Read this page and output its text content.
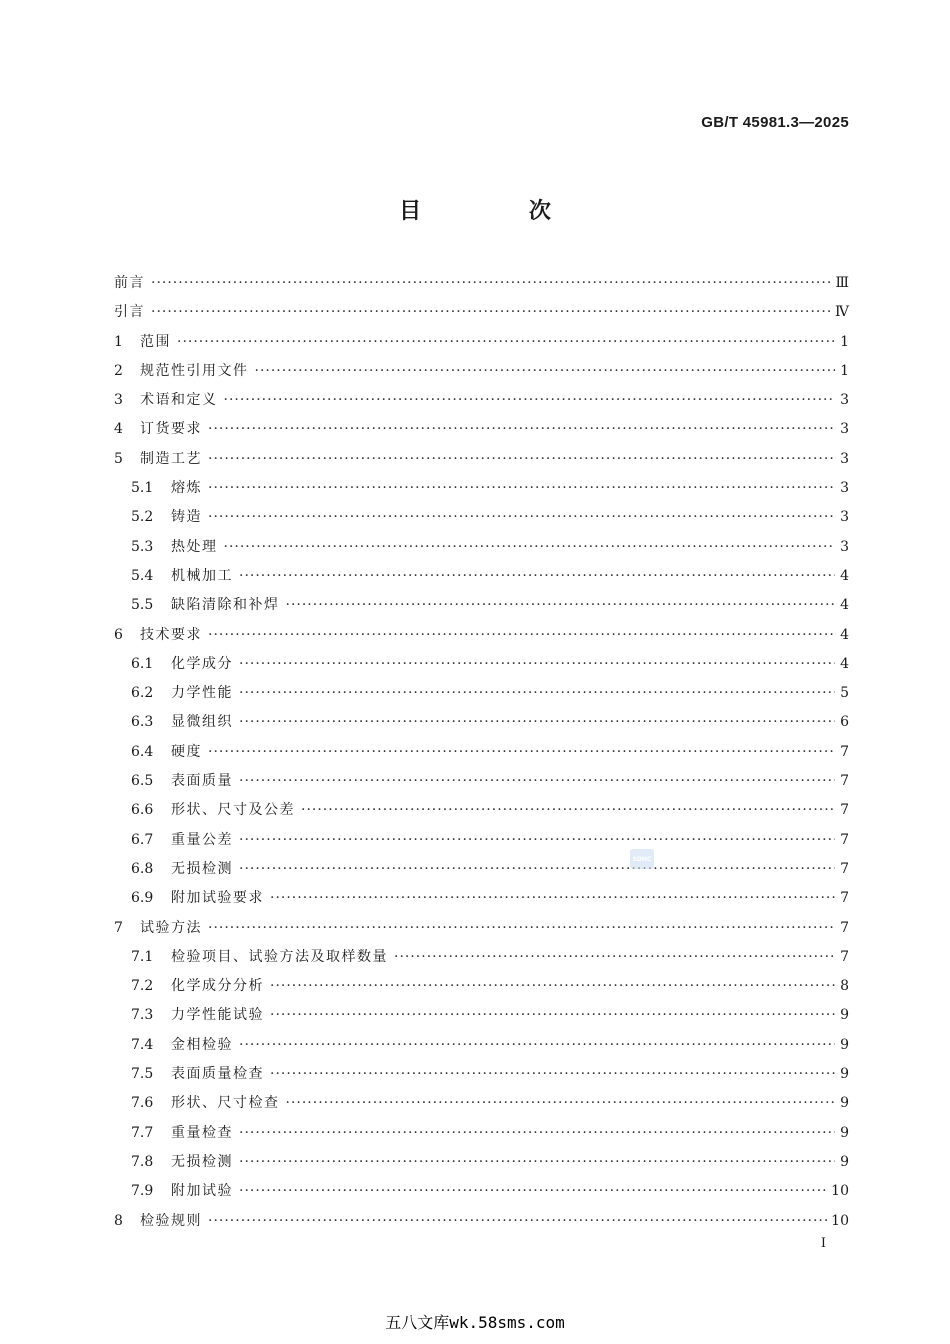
GB/T 45981.3—2025
目 次
前言 ·····	Ⅲ
引言 ·····	Ⅳ
1	范围 ·····	1
2	规范性引用文件 ·····	1
3	术语和定义 ·····	3
4	订货要求 ·····	3
5	制造工艺 ·····	3
5.1	熔炼 ·····	3
5.2	铸造 ·····	3
5.3	热处理 ·····	3
5.4	机械加工 ·····	4
5.5	缺陷清除和补焊 ·····	4
6	技术要求 ·····	4
6.1	化学成分 ·····	4
6.2	力学性能 ·····	5
6.3	显微组织 ·····	6
6.4	硬度 ·····	7
6.5	表面质量 ·····	7
6.6	形状、尺寸及公差 ·····	7
6.7	重量公差 ·····	7
6.8	无损检测 ·····	7
6.9	附加试验要求 ·····	7
7	试验方法 ·····	7
7.1	检验项目、试验方法及取样数量 ·····	7
7.2	化学成分分析 ·····	8
7.3	力学性能试验 ·····	9
7.4	金相检验 ·····	9
7.5	表面质量检查 ·····	9
7.6	形状、尺寸检查 ·····	9
7.7	重量检查 ·····	9
7.8	无损检测 ·····	9
7.9	附加试验 ·····	10
8	检验规则 ·····	10
SDHC
I
五八文库wk.58sms.com
